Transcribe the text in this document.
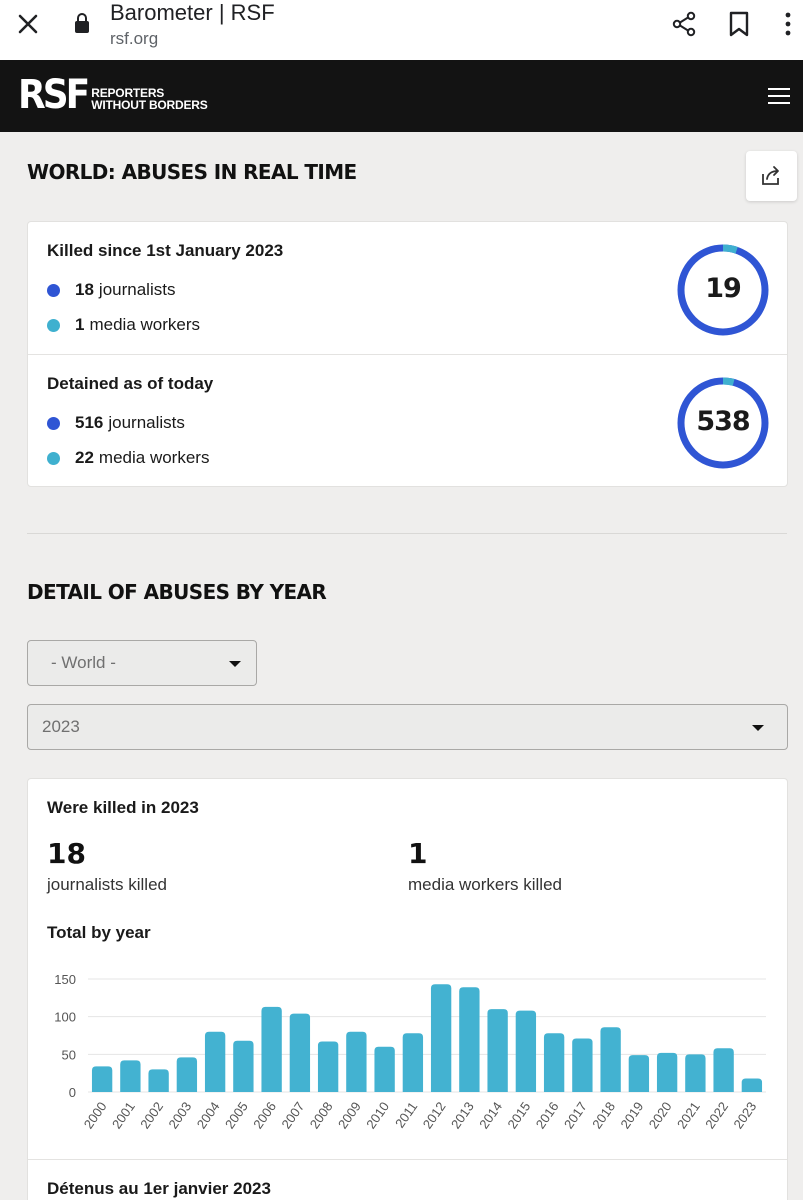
Barometer | RSF
rsf.org
RSF REPORTERS
WITHOUT BORDERS
WORLD: ABUSES IN REAL TIME
Killed since 1st January 2023
18 journalists
1 media workers
19
Detained as of today
516 journalists
22 media workers
538
DETAIL OF ABUSES BY YEAR
- World -
2023
Were killed in 2023
18
journalists killed
1
media workers killed
Total by year
0
50
100
150
2000 2001 2002 2003 2004 2005 2006 2007 2008 2009 2010 2011 2012 2013 2014 2015 2016 2017 2018 2019 2020 2021 2022 2023
Détenus au 1er janvier 2023
